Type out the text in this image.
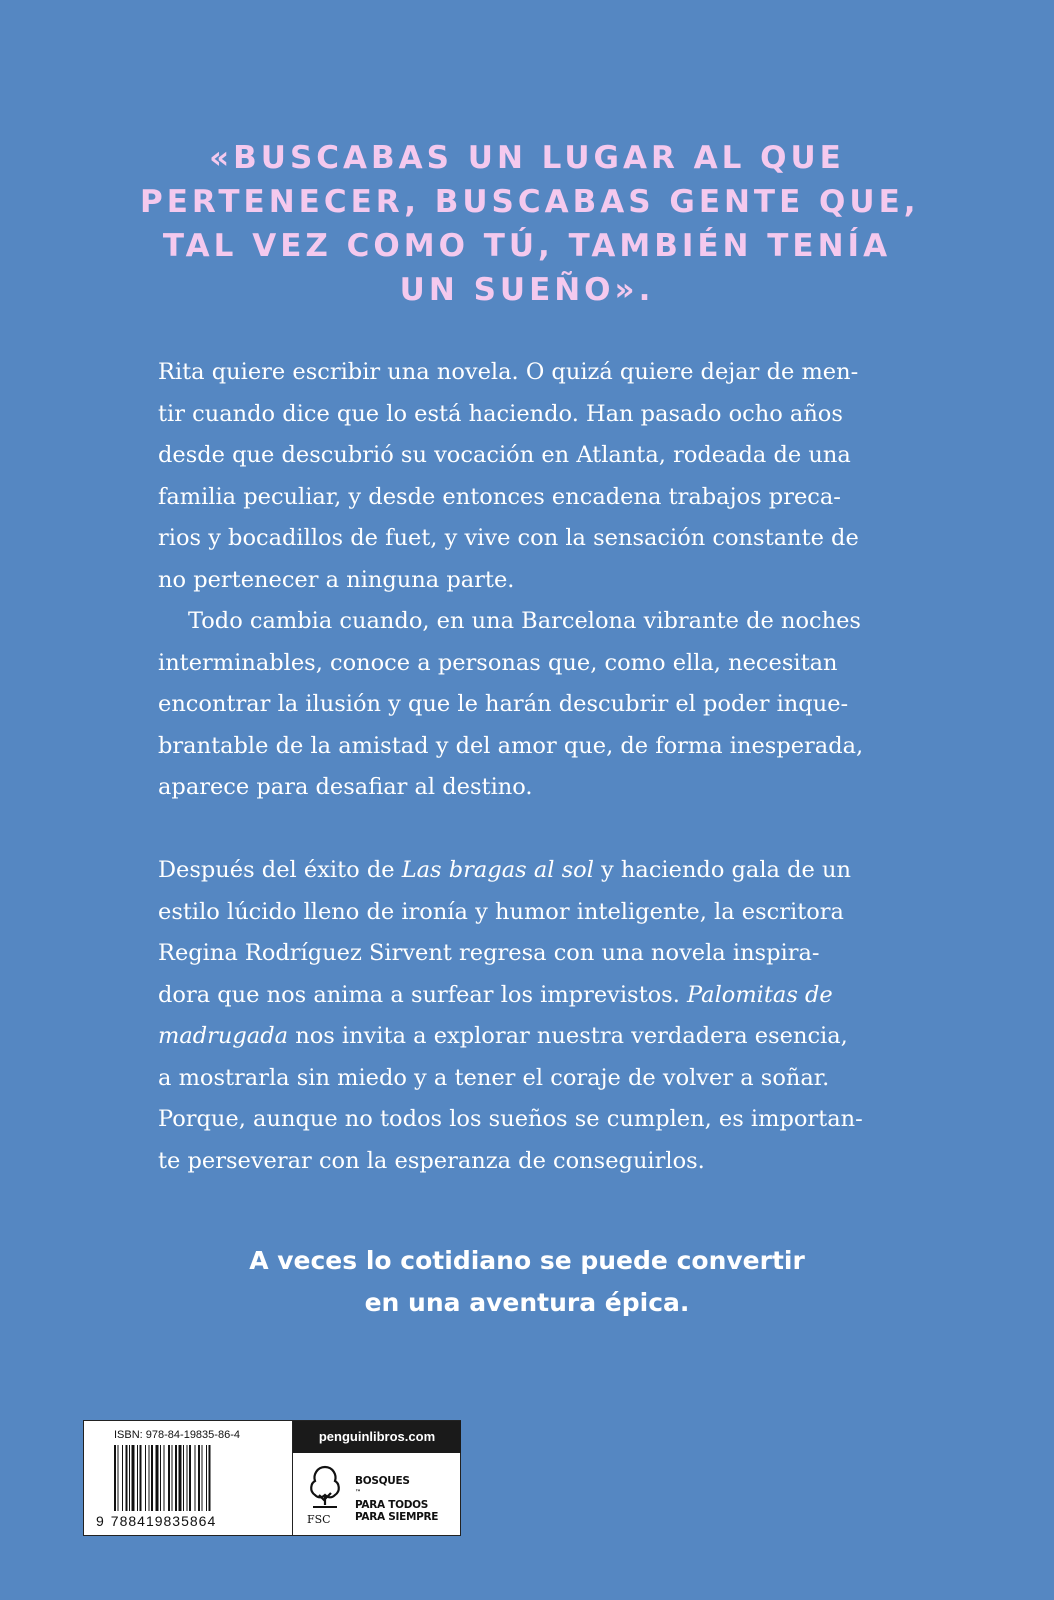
«BUSCABAS UN LUGAR AL QUE
PERTENECER, BUSCABAS GENTE QUE,
TAL VEZ COMO TÚ, TAMBIÉN TENÍA
UN SUEÑO».
Rita quiere escribir una novela. O quizá quiere dejar de men-
tir cuando dice que lo está haciendo. Han pasado ocho años
desde que descubrió su vocación en Atlanta, rodeada de una
familia peculiar, y desde entonces encadena trabajos preca-
rios y bocadillos de fuet, y vive con la sensación constante de
no pertenecer a ninguna parte.
Todo cambia cuando, en una Barcelona vibrante de noches
interminables, conoce a personas que, como ella, necesitan
encontrar la ilusión y que le harán descubrir el poder inque-
brantable de la amistad y del amor que, de forma inesperada,
aparece para desafiar al destino.
Después del éxito de Las bragas al sol y haciendo gala de un
estilo lúcido lleno de ironía y humor inteligente, la escritora
Regina Rodríguez Sirvent regresa con una novela inspira-
dora que nos anima a surfear los imprevistos. Palomitas de
madrugada nos invita a explorar nuestra verdadera esencia,
a mostrarla sin miedo y a tener el coraje de volver a soñar.
Porque, aunque no todos los sueños se cumplen, es importan-
te perseverar con la esperanza de conseguirlos.
A veces lo cotidiano se puede convertir
en una aventura épica.
ISBN: 978-84-19835-86-4
9 788419835864
penguinlibros.com
FSC
BOSQUES
™
PARA TODOS
PARA SIEMPRE
